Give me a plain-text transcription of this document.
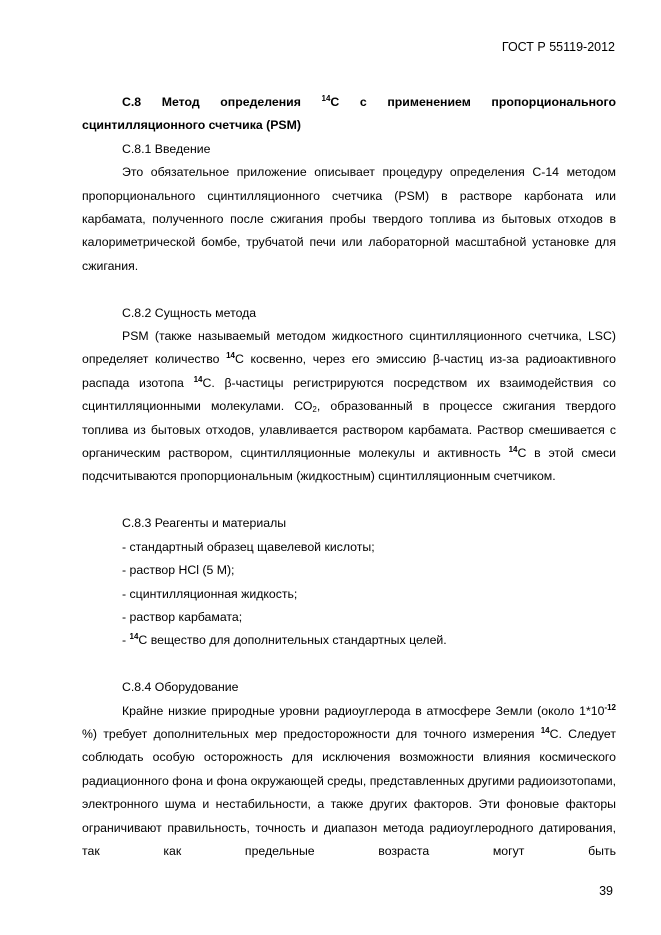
ГОСТ Р 55119-2012

С.8 Метод определения $^{14}$С с применением пропорционального сцинтилляционного счетчика (PSM)

С.8.1 Введение

Это обязательное приложение описывает процедуру определения С-14 методом пропорционального сцинтилляционного счетчика (PSM) в растворе карбоната или карбамата, полученного после сжигания пробы твердого топлива из бытовых отходов в калориметрической бомбе, трубчатой печи или лабораторной масштабной установке для сжигания.

С.8.2 Сущность метода

PSM (также называемый методом жидкостного сцинтилляционного счетчика, LSC) определяет количество $^{14}$С косвенно, через его эмиссию β-частиц из-за радиоактивного распада изотопа $^{14}$С. β-частицы регистрируются посредством их взаимодействия со сцинтилляционными молекулами. $СО_2$, образованный в процессе сжигания твердого топлива из бытовых отходов, улавливается раствором карбамата. Раствор смешивается с органическим раствором, сцинтилляционные молекулы и активность $^{14}$С в этой смеси подсчитываются пропорциональным (жидкостным) сцинтилляционным счетчиком.

С.8.3 Реагенты и материалы

- стандартный образец щавелевой кислоты;

- раствор HCl (5 М);

- сцинтилляционная жидкость;

- раствор карбамата;

- $^{14}$С вещество для дополнительных стандартных целей.

С.8.4 Оборудование

Крайне низкие природные уровни радиоуглерода в атмосфере Земли (около $1*10^{-12}$ %) требует дополнительных мер предосторожности для точного измерения $^{14}$С. Следует соблюдать особую осторожность для исключения возможности влияния космического радиационного фона и фона окружающей среды, представленных другими радиоизотопами, электронного шума и нестабильности, а также других факторов. Эти фоновые факторы ограничивают правильность, точность и диапазон метода радиоуглеродного датирования, так как предельные возраста могут быть

39
